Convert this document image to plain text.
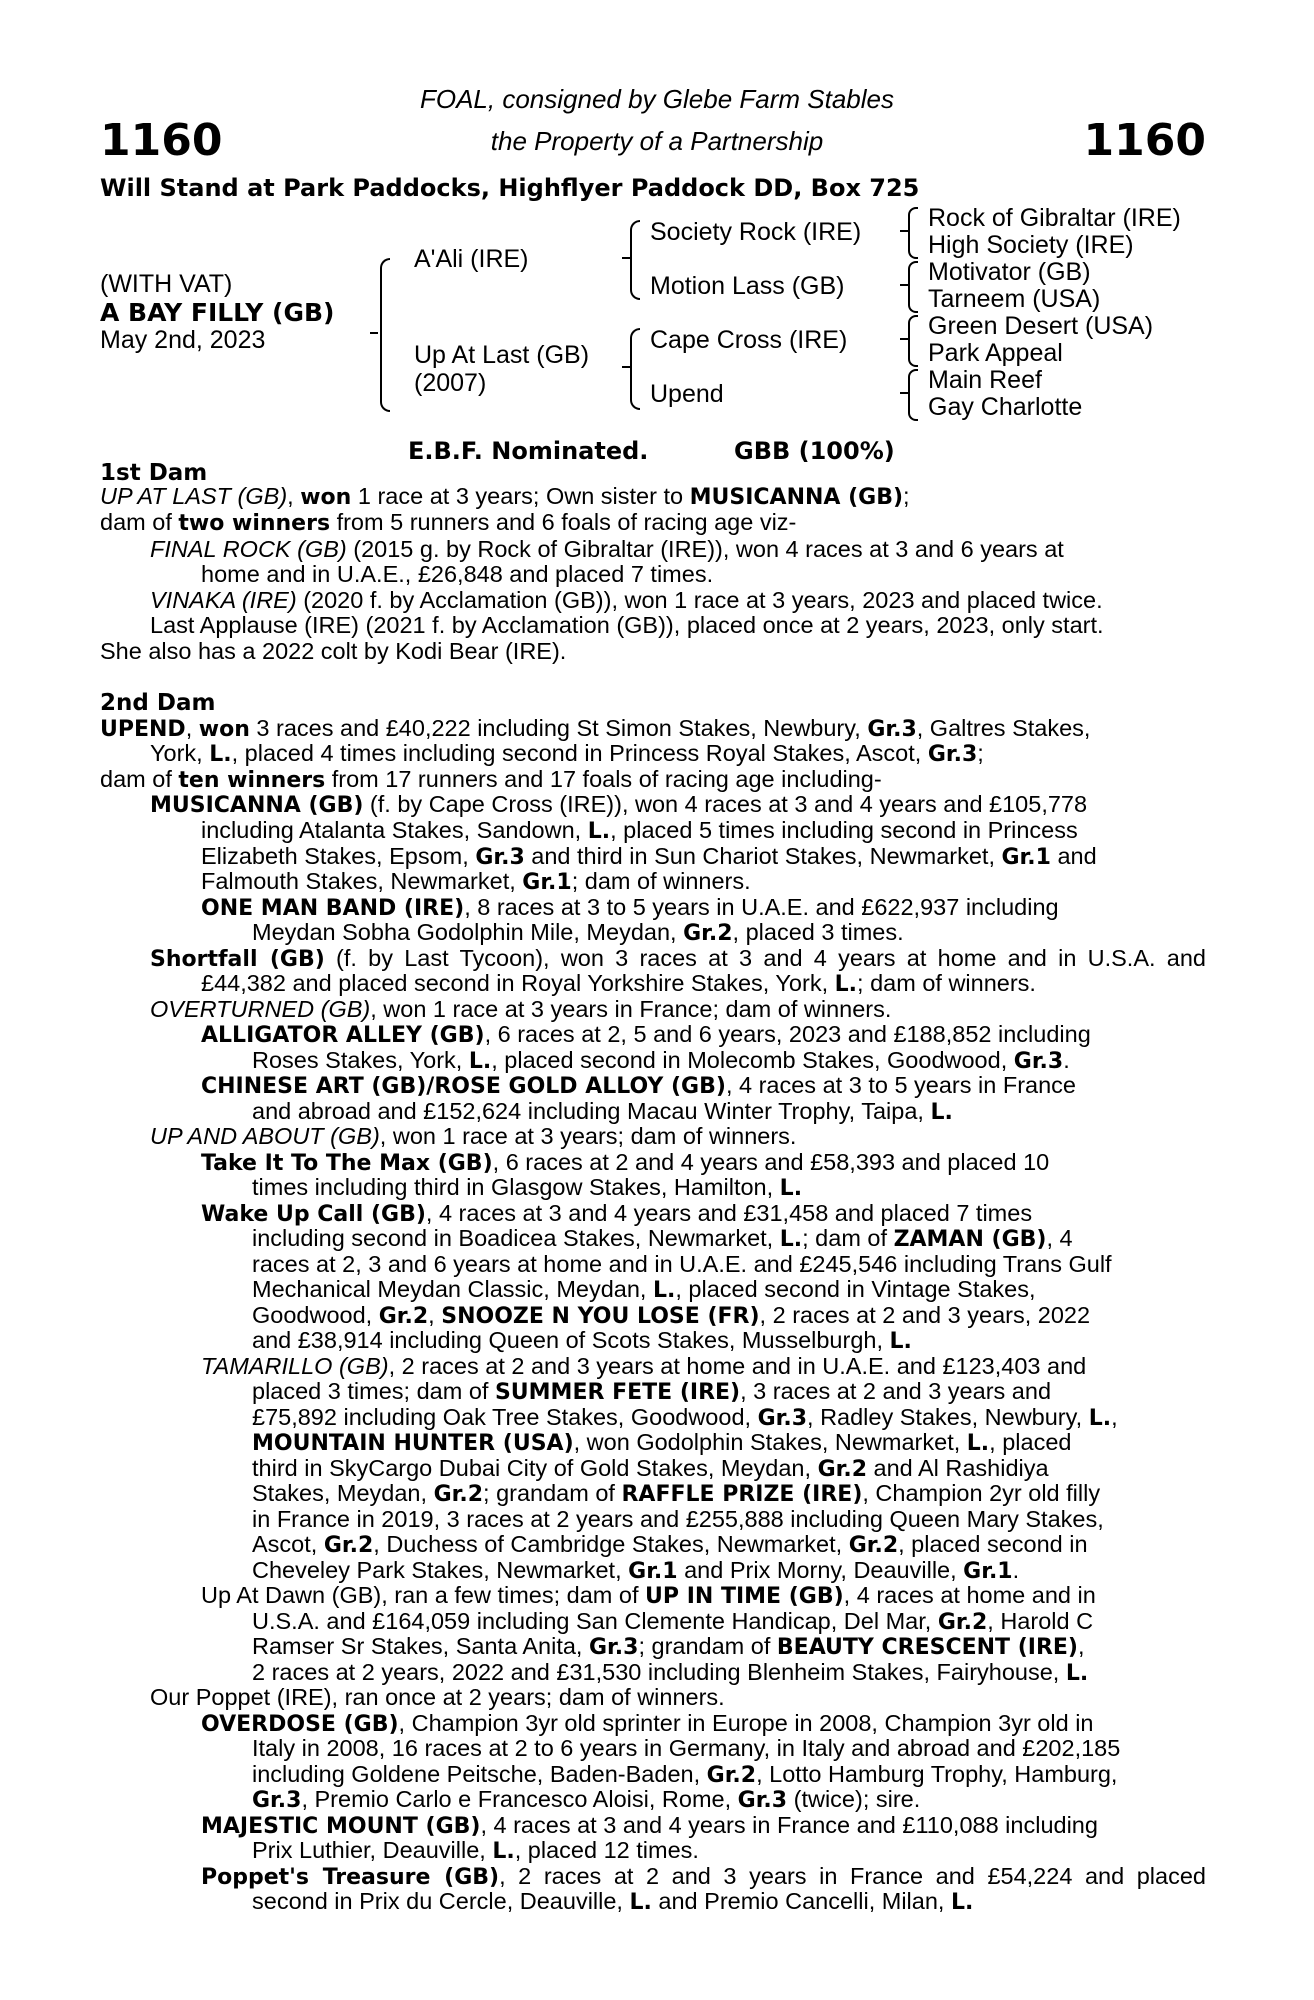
1160	1160
FOAL, consigned by Glebe Farm Stables
the Property of a Partnership
Will Stand at Park Paddocks, Highflyer Paddock DD, Box 725
(WITH VAT)
A BAY FILLY (GB)
May 2nd, 2023
A'Ali (IRE)
Up At Last (GB)
(2007)
Society Rock (IRE)
Motion Lass (GB)
Cape Cross (IRE)
Upend
Rock of Gibraltar (IRE)
High Society (IRE)
Motivator (GB)
Tarneem (USA)
Green Desert (USA)
Park Appeal
Main Reef
Gay Charlotte
E.B.F. Nominated.	GBB (100%)
1st Dam
2nd Dam
UP AT LAST (GB), won 1 race at 3 years; Own sister to MUSICANNA (GB);
dam of two winners from 5 runners and 6 foals of racing age viz-
FINAL ROCK (GB) (2015 g. by Rock of Gibraltar (IRE)), won 4 races at 3 and 6 years at
home and in U.A.E., £26,848 and placed 7 times.
VINAKA (IRE) (2020 f. by Acclamation (GB)), won 1 race at 3 years, 2023 and placed twice.
Last Applause (IRE) (2021 f. by Acclamation (GB)), placed once at 2 years, 2023, only start.
She also has a 2022 colt by Kodi Bear (IRE).
UPEND, won 3 races and £40,222 including St Simon Stakes, Newbury, Gr.3, Galtres Stakes,
York, L., placed 4 times including second in Princess Royal Stakes, Ascot, Gr.3;
dam of ten winners from 17 runners and 17 foals of racing age including-
MUSICANNA (GB) (f. by Cape Cross (IRE)), won 4 races at 3 and 4 years and £105,778
including Atalanta Stakes, Sandown, L., placed 5 times including second in Princess
Elizabeth Stakes, Epsom, Gr.3 and third in Sun Chariot Stakes, Newmarket, Gr.1 and
Falmouth Stakes, Newmarket, Gr.1; dam of winners.
ONE MAN BAND (IRE), 8 races at 3 to 5 years in U.A.E. and £622,937 including
Meydan Sobha Godolphin Mile, Meydan, Gr.2, placed 3 times.
Shortfall (GB) (f. by Last Tycoon), won 3 races at 3 and 4 years at home and in U.S.A. and
£44,382 and placed second in Royal Yorkshire Stakes, York, L.; dam of winners.
OVERTURNED (GB), won 1 race at 3 years in France; dam of winners.
ALLIGATOR ALLEY (GB), 6 races at 2, 5 and 6 years, 2023 and £188,852 including
Roses Stakes, York, L., placed second in Molecomb Stakes, Goodwood, Gr.3.
CHINESE ART (GB)/ROSE GOLD ALLOY (GB), 4 races at 3 to 5 years in France
and abroad and £152,624 including Macau Winter Trophy, Taipa, L.
UP AND ABOUT (GB), won 1 race at 3 years; dam of winners.
Take It To The Max (GB), 6 races at 2 and 4 years and £58,393 and placed 10
times including third in Glasgow Stakes, Hamilton, L.
Wake Up Call (GB), 4 races at 3 and 4 years and £31,458 and placed 7 times
including second in Boadicea Stakes, Newmarket, L.; dam of ZAMAN (GB), 4
races at 2, 3 and 6 years at home and in U.A.E. and £245,546 including Trans Gulf
Mechanical Meydan Classic, Meydan, L., placed second in Vintage Stakes,
Goodwood, Gr.2, SNOOZE N YOU LOSE (FR), 2 races at 2 and 3 years, 2022
and £38,914 including Queen of Scots Stakes, Musselburgh, L.
TAMARILLO (GB), 2 races at 2 and 3 years at home and in U.A.E. and £123,403 and
placed 3 times; dam of SUMMER FETE (IRE), 3 races at 2 and 3 years and
£75,892 including Oak Tree Stakes, Goodwood, Gr.3, Radley Stakes, Newbury, L.,
MOUNTAIN HUNTER (USA), won Godolphin Stakes, Newmarket, L., placed
third in SkyCargo Dubai City of Gold Stakes, Meydan, Gr.2 and Al Rashidiya
Stakes, Meydan, Gr.2; grandam of RAFFLE PRIZE (IRE), Champion 2yr old filly
in France in 2019, 3 races at 2 years and £255,888 including Queen Mary Stakes,
Ascot, Gr.2, Duchess of Cambridge Stakes, Newmarket, Gr.2, placed second in
Cheveley Park Stakes, Newmarket, Gr.1 and Prix Morny, Deauville, Gr.1.
Up At Dawn (GB), ran a few times; dam of UP IN TIME (GB), 4 races at home and in
U.S.A. and £164,059 including San Clemente Handicap, Del Mar, Gr.2, Harold C
Ramser Sr Stakes, Santa Anita, Gr.3; grandam of BEAUTY CRESCENT (IRE),
2 races at 2 years, 2022 and £31,530 including Blenheim Stakes, Fairyhouse, L.
Our Poppet (IRE), ran once at 2 years; dam of winners.
OVERDOSE (GB), Champion 3yr old sprinter in Europe in 2008, Champion 3yr old in
Italy in 2008, 16 races at 2 to 6 years in Germany, in Italy and abroad and £202,185
including Goldene Peitsche, Baden-Baden, Gr.2, Lotto Hamburg Trophy, Hamburg,
Gr.3, Premio Carlo e Francesco Aloisi, Rome, Gr.3 (twice); sire.
MAJESTIC MOUNT (GB), 4 races at 3 and 4 years in France and £110,088 including
Prix Luthier, Deauville, L., placed 12 times.
Poppet's Treasure (GB), 2 races at 2 and 3 years in France and £54,224 and placed
second in Prix du Cercle, Deauville, L. and Premio Cancelli, Milan, L.
